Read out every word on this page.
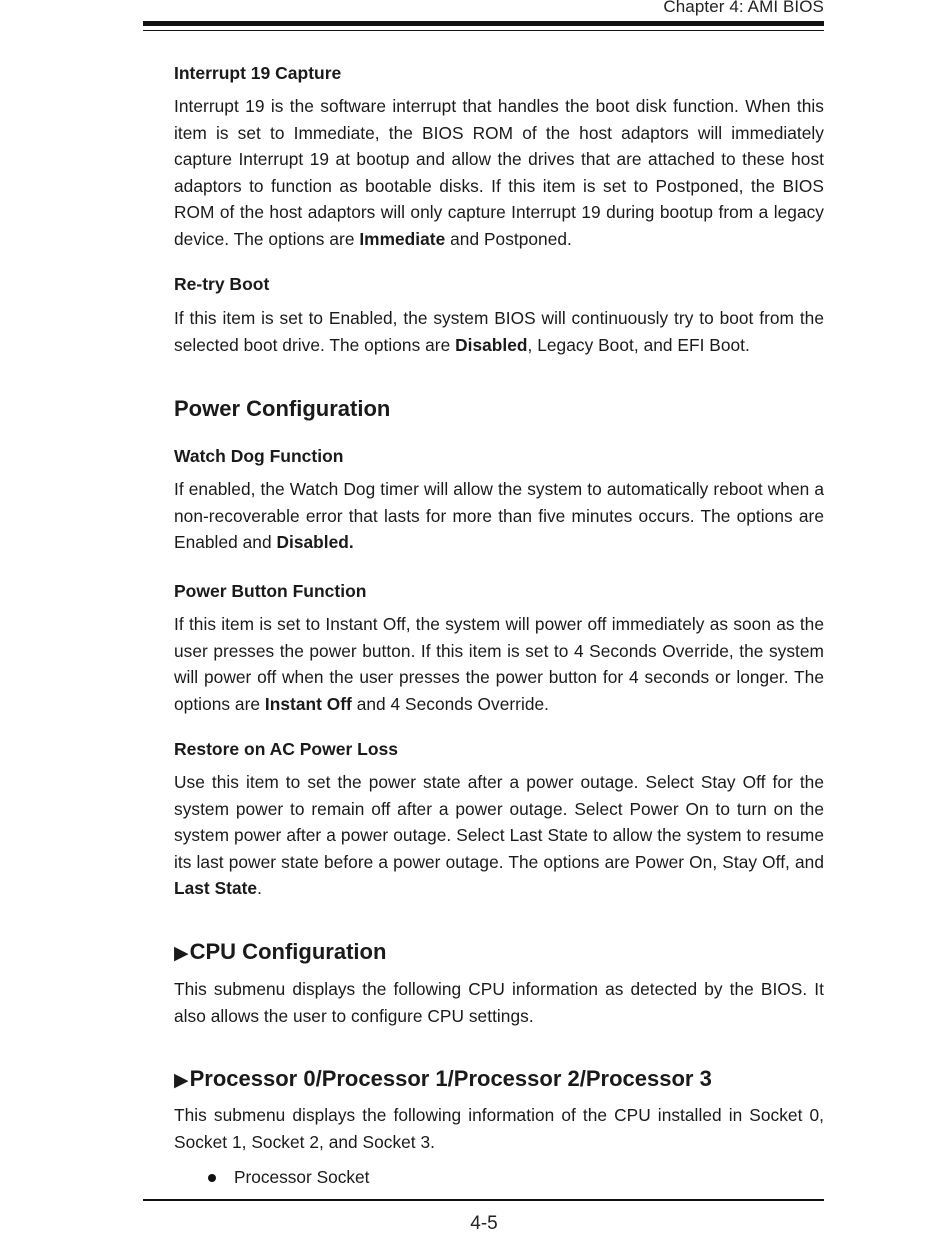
Chapter 4: AMI BIOS
Interrupt 19 Capture

Interrupt 19 is the software interrupt that handles the boot disk function. When this item is set to Immediate, the BIOS ROM of the host adaptors will immediately capture Interrupt 19 at bootup and allow the drives that are attached to these host adaptors to function as bootable disks. If this item is set to Postponed, the BIOS ROM of the host adaptors will only capture Interrupt 19 during bootup from a legacy device. The options are Immediate and Postponed.

Re-try Boot

If this item is set to Enabled, the system BIOS will continuously try to boot from the selected boot drive. The options are Disabled, Legacy Boot, and EFI Boot.

Power Configuration
Watch Dog Function

If enabled, the Watch Dog timer will allow the system to automatically reboot when a non-recoverable error that lasts for more than five minutes occurs. The options are Enabled and Disabled.

Power Button Function

If this item is set to Instant Off, the system will power off immediately as soon as the user presses the power button. If this item is set to 4 Seconds Override, the system will power off when the user presses the power button for 4 seconds or longer. The options are Instant Off and 4 Seconds Override.

Restore on AC Power Loss

Use this item to set the power state after a power outage. Select Stay Off for the system power to remain off after a power outage. Select Power On to turn on the system power after a power outage. Select Last State to allow the system to resume its last power state before a power outage. The options are Power On, Stay Off, and Last State.

▶CPU Configuration

This submenu displays the following CPU information as detected by the BIOS. It also allows the user to configure CPU settings.

▶Processor 0/Processor 1/Processor 2/Processor 3

This submenu displays the following information of the CPU installed in Socket 0, Socket 1, Socket 2, and Socket 3.

Processor Socket
4-5
